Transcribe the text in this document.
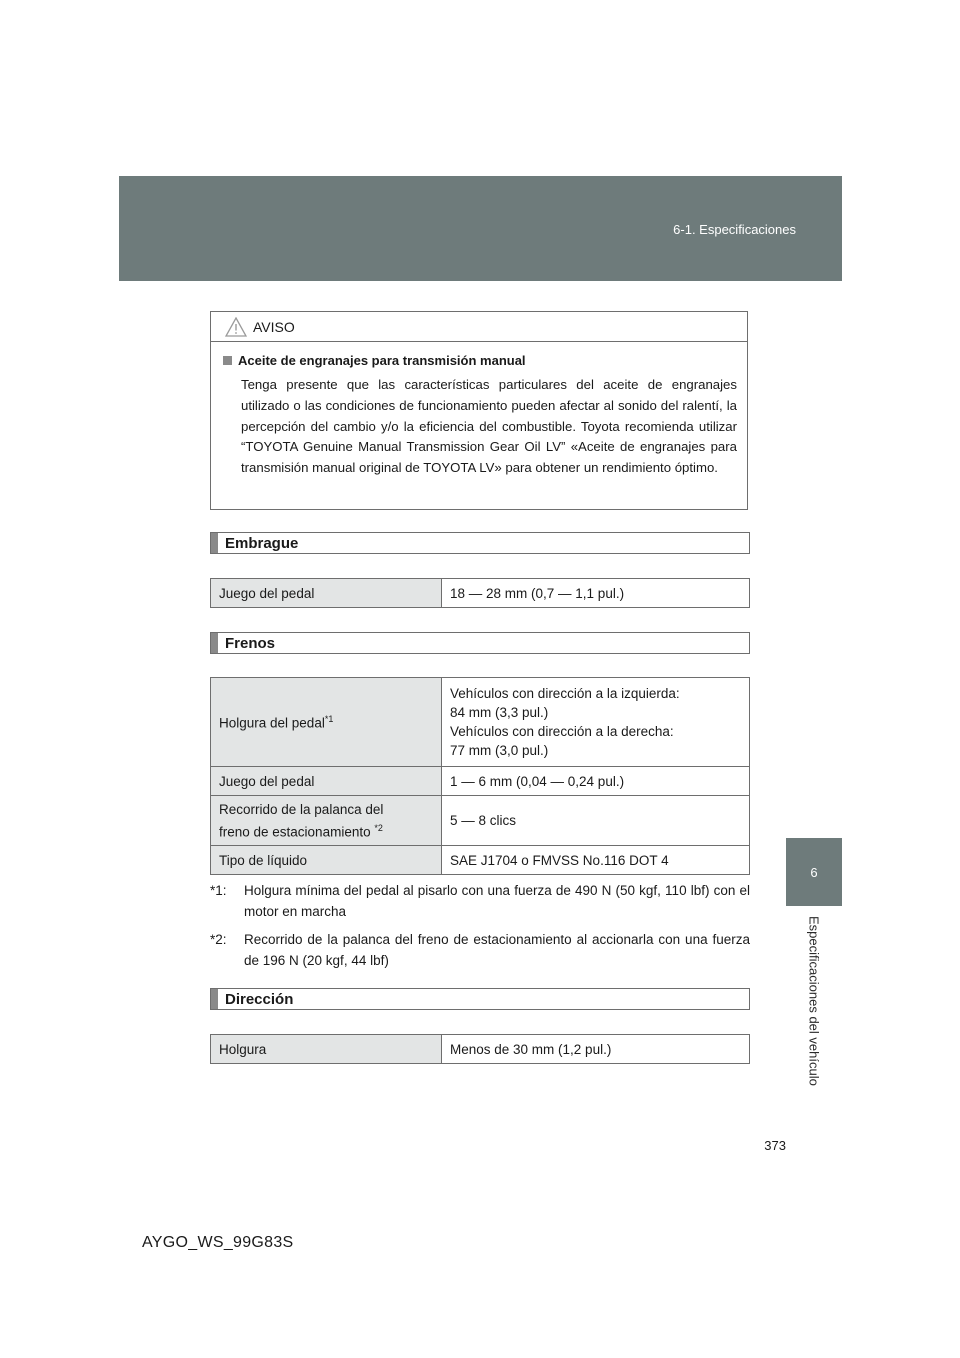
6-1. Especificaciones
6
Especificaciones del vehículo
AVISO
Aceite de engranajes para transmisión manual
Tenga presente que las características particulares del aceite de engranajes utilizado o las condiciones de funcionamiento pueden afectar al sonido del ralentí, la percepción del cambio y/o la eficiencia del combustible. Toyota recomienda utilizar “TOYOTA Genuine Manual Transmission Gear Oil LV” «Aceite de engranajes para transmisión manual original de TOYOTA LV» para obtener un rendimiento óptimo.
Embrague
Juego del pedal	18 — 28 mm (0,7 — 1,1 pul.)
Frenos
Holgura del pedal$^{*1}$	Vehículos con dirección a la izquierda:
84 mm (3,3 pul.)
Vehículos con dirección a la derecha:
77 mm (3,0 pul.)

Juego del pedal	1 — 6 mm (0,04 — 0,24 pul.)

Recorrido de la palanca del
freno de estacionamiento $^{*2}$	5 — 8 clics
Tipo de líquido	SAE J1704 o FMVSS No.116 DOT 4
*1:	Holgura mínima del pedal al pisarlo con una fuerza de 490 N (50 kgf, 110 lbf) con el motor en marcha
*2:	Recorrido de la palanca del freno de estacionamiento al accionarla con una fuerza de 196 N (20 kgf, 44 lbf)
Dirección
Holgura	Menos de 30 mm (1,2 pul.)
373
AYGO_WS_99G83S
